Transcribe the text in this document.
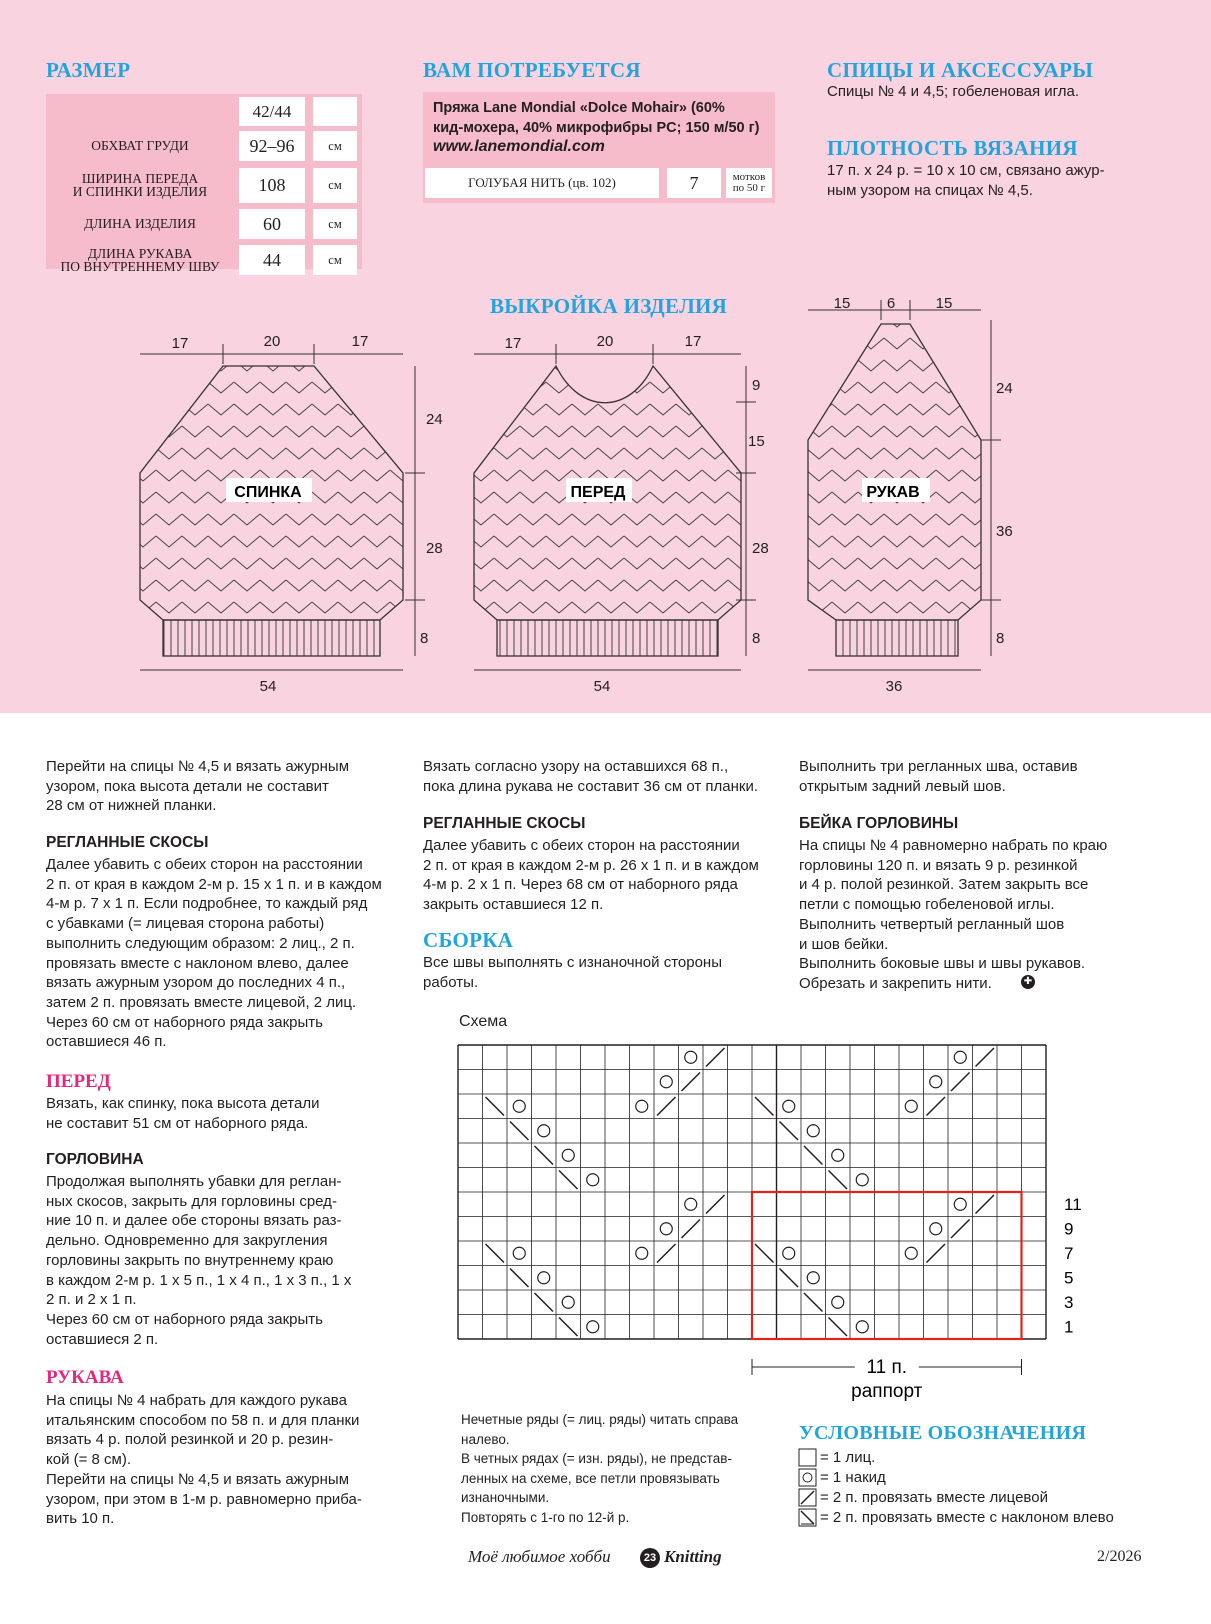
РАЗМЕР
42/44
ОБХВАТ ГРУДИ	92–96	см
ШИРИНА ПЕРЕДА
И СПИНКИ ИЗДЕЛИЯ	108	см
ДЛИНА ИЗДЕЛИЯ	60	см
ДЛИНА РУКАВА
ПО ВНУТРЕННЕМУ ШВУ	44	см
ВАМ ПОТРЕБУЕТСЯ
Пряжа Lane Mondial «Dolce Mohair» (60%
кид-мохера, 40% микрофибры PC; 150 м/50 г)
www.lanemondial.com
ГОЛУБАЯ НИТЬ (цв. 102)	7	мотков
по 50 г
СПИЦЫ И АКСЕССУАРЫ
Спицы № 4 и 4,5; гобеленовая игла.
ПЛОТНОСТЬ ВЯЗАНИЯ
17 п. х 24 р. = 10 х 10 см, связано ажур-
ным узором на спицах № 4,5.
ВЫКРОЙКА ИЗДЕЛИЯ
СПИНКА	ПЕРЕД	РУКАВ
17	20	17
24
28
8
54
17	20	17
9
15
28
8
54
15 6	15
24
36
8
36
Перейти на спицы № 4,5 и вязать ажурным
узором, пока высота детали не составит
28 см от нижней планки.
РЕГЛАННЫЕ СКОСЫ
Далее убавить с обеих сторон на расстоянии
2 п. от края в каждом 2-м р. 15 х 1 п. и в каждом
4-м р. 7 х 1 п. Если подробнее, то каждый ряд
с убавками (= лицевая сторона работы)
выполнить следующим образом: 2 лиц., 2 п.
провязать вместе с наклоном влево, далее
вязать ажурным узором до последних 4 п.,
затем 2 п. провязать вместе лицевой, 2 лиц.
Через 60 см от наборного ряда закрыть
оставшиеся 46 п.
ПЕРЕД
Вязать, как спинку, пока высота детали
не составит 51 см от наборного ряда.
ГОРЛОВИНА
Продолжая выполнять убавки для реглан-
ных скосов, закрыть для горловины сред-
ние 10 п. и далее обе стороны вязать раз-
дельно. Одновременно для закругления
горловины закрыть по внутреннему краю
в каждом 2-м р. 1 х 5 п., 1 х 4 п., 1 х 3 п., 1 х
2 п. и 2 х 1 п.
Через 60 см от наборного ряда закрыть
оставшиеся 2 п.
РУКАВА
На спицы № 4 набрать для каждого рукава
итальянским способом по 58 п. и для планки
вязать 4 р. полой резинкой и 20 р. резин-
кой (= 8 см).
Перейти на спицы № 4,5 и вязать ажурным
узором, при этом в 1-м р. равномерно приба-
вить 10 п.
Вязать согласно узору на оставшихся 68 п.,
пока длина рукава не составит 36 см от планки.
РЕГЛАННЫЕ СКОСЫ
Далее убавить с обеих сторон на расстоянии
2 п. от края в каждом 2-м р. 26 х 1 п. и в каждом
4-м р. 2 х 1 п. Через 68 см от наборного ряда
закрыть оставшиеся 12 п.
СБОРКА
Все швы выполнять с изнаночной стороны
работы.
Выполнить три регланных шва, оставив
открытым задний левый шов.
БЕЙКА ГОРЛОВИНЫ
На спицы № 4 равномерно набрать по краю
горловины 120 п. и вязать 9 р. резинкой
и 4 р. полой резинкой. Затем закрыть все
петли с помощью гобеленовой иглы.
Выполнить четвертый регланный шов
и шов бейки.
Выполнить боковые швы и швы рукавов.
Обрезать и закрепить нити.	✚
Схема
11
9
7
5
3
1
11 п.
раппорт
Нечетные ряды (= лиц. ряды) читать справа
налево.
В четных рядах (= изн. ряды), не представ-
ленных на схеме, все петли провязывать
изнаночными.
Повторять с 1-го по 12-й р.
УСЛОВНЫЕ ОБОЗНАЧЕНИЯ
= 1 лиц.
= 1 накид
= 2 п. провязать вместе лицевой
= 2 п. провязать вместе с наклоном влево
Моё любимое хобби	23 Knitting	2/2026
